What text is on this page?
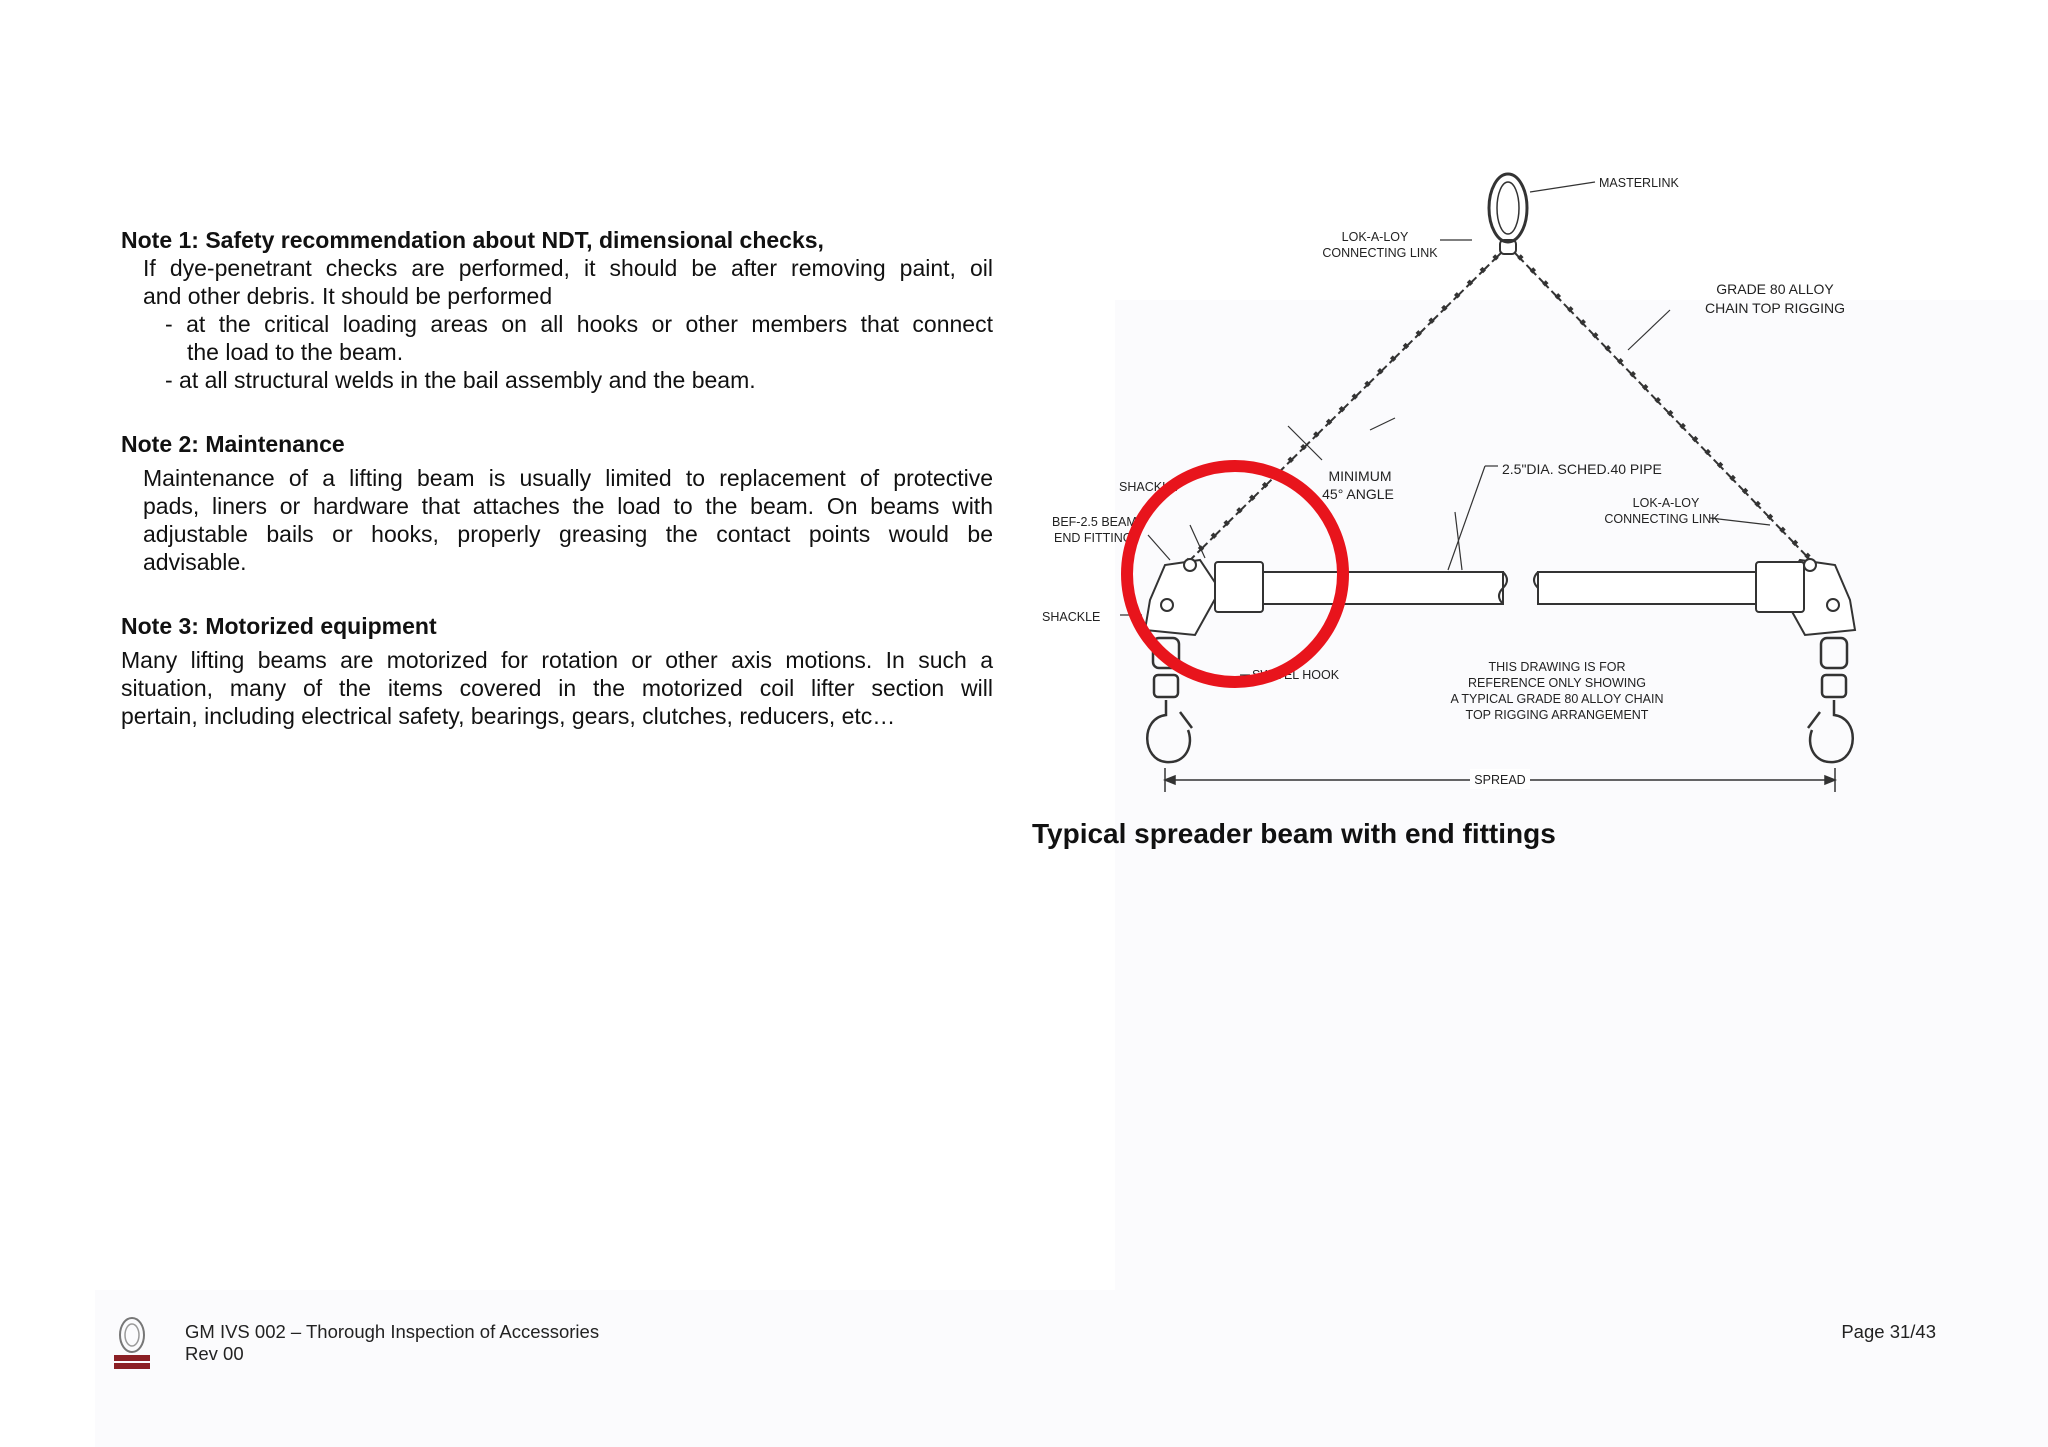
Note 1: Safety recommendation about NDT, dimensional checks,

If dye-penetrant checks are performed, it should be after removing paint, oil

and other debris. It should be performed

- at the critical loading areas on all hooks or other members that connect

the load to the beam.

- at all structural welds in the bail assembly and the beam.

Note 2: Maintenance

Maintenance of a lifting beam is usually limited to replacement of protective

pads, liners or hardware that attaches the load to the beam. On beams with

adjustable bails or hooks, properly greasing the contact points would be

advisable.

Note 3: Motorized equipment

Many lifting beams are motorized for rotation or other axis motions. In such a

situation, many of the items covered in the motorized coil lifter section will

pertain, including electrical safety, bearings, gears, clutches, reducers, etc…

MASTERLINK
LOK-A-LOY
CONNECTING LINK
GRADE 80 ALLOY
CHAIN TOP RIGGING
MINIMUM
45° ANGLE
2.5"DIA. SCHED.40 PIPE
SHACKLE
BEF-2.5 BEAM
END FITTING
LOK-A-LOY
CONNECTING LINK
SHACKLE
SWIVEL HOOK
THIS DRAWING IS FOR
REFERENCE ONLY SHOWING
A TYPICAL GRADE 80 ALLOY CHAIN
TOP RIGGING ARRANGEMENT
SPREAD
Typical spreader beam with end fittings
GM IVS 002 – Thorough Inspection of Accessories
Rev 00
Page 31/43
